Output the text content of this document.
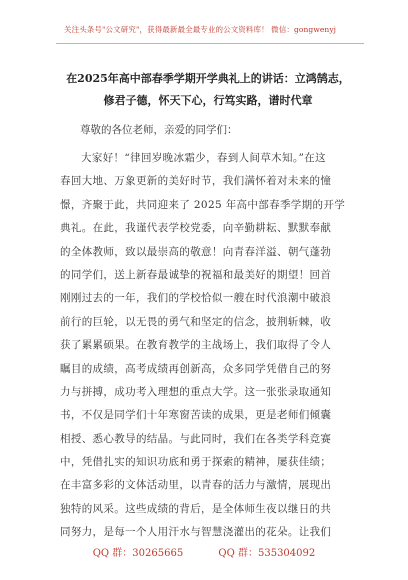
关注头条号"公文研究"，获得最新最全最专业的公文资料库！ 微信：gongwenyj
在2025年高中部春季学期开学典礼上的讲话：立鸿鹄志，
修君子德，怀天下心，行笃实路，谱时代章

尊敬的各位老师，亲爱的同学们：

大家好！“律回岁晚冰霜少，春到人间草木知。”在这
春回大地、万象更新的美好时节，我们满怀着对未来的憧
憬，齐聚于此，共同迎来了 2025 年高中部春季学期的开学
典礼。在此，我谨代表学校党委，向辛勤耕耘、默默奉献
的全体教师，致以最崇高的敬意！向青春洋溢、朝气蓬勃
的同学们，送上新春最诚挚的祝福和最美好的期望！回首
刚刚过去的一年，我们的学校恰似一艘在时代浪潮中破浪
前行的巨轮，以无畏的勇气和坚定的信念，披荆斩棘，收
获了累累硕果。在教育教学的主战场上，我们取得了令人
瞩目的成绩，高考成绩再创新高，众多同学凭借自己的努
力与拼搏，成功考入理想的重点大学。这一张张录取通知
书，不仅是同学们十年寒窗苦读的成果，更是老师们倾囊
相授、悉心教导的结晶。与此同时，我们在各类学科竞赛
中，凭借扎实的知识功底和勇于探索的精神，屡获佳绩；
在丰富多彩的文体活动里，以青春的活力与激情，展现出
独特的风采。这些成绩的背后，是全体师生夜以继日的共
同努力，是每一个人用汗水与智慧浇灌出的花朵。让我们
QQ 群：30265665	QQ 群：535304092
